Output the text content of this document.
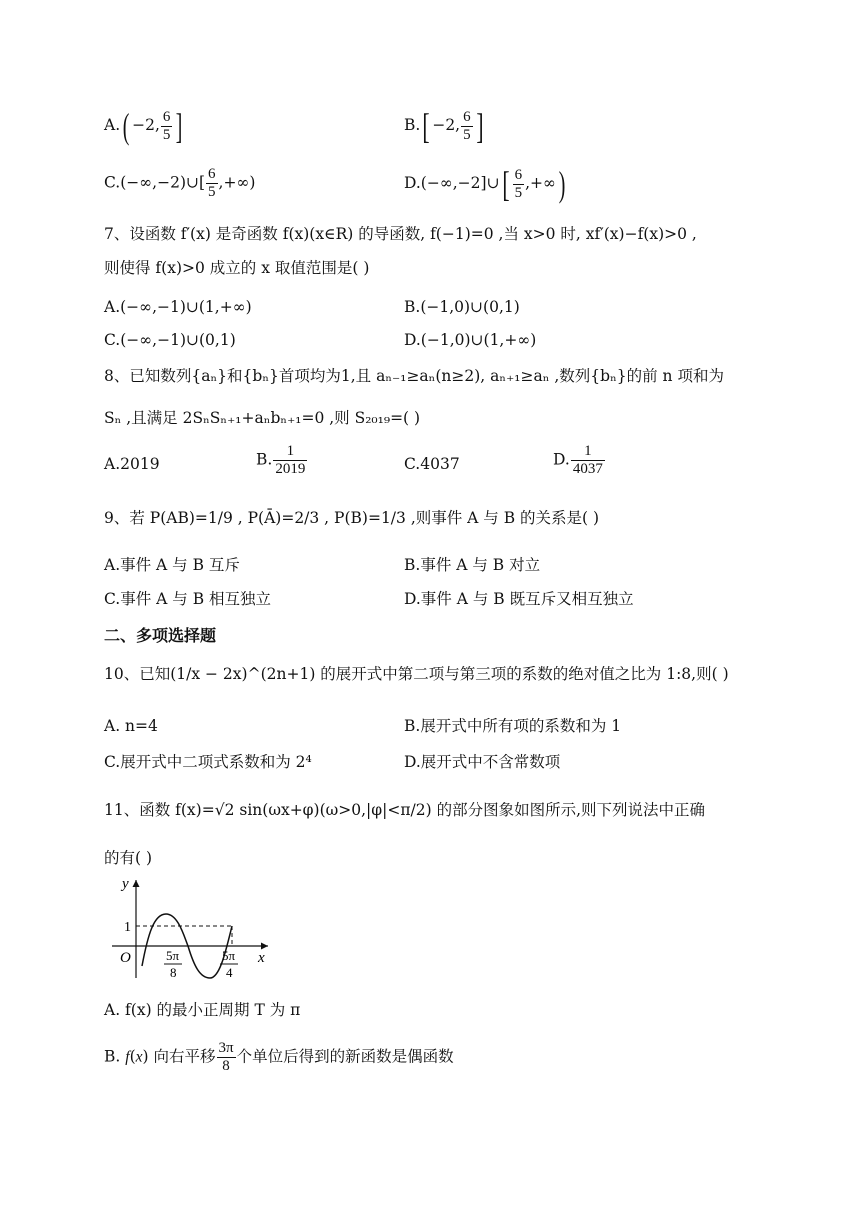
A.( −2, $\frac{6}{5}$ ]	B.[ −2, $\frac{6}{5}$ ]
C.(−∞,−2)∪[ $\frac{6}{5}$ ,+∞)	D.(−∞,−2]∪[ $\frac{6}{5}$ ,+∞)
7、设函数 f′(x) 是奇函数 f(x)(x∈R) 的导函数, f(−1)=0 ,当 x>0 时, xf′(x)−f(x)>0 ,
则使得 f(x)>0 成立的 x 取值范围是( )
A.(−∞,−1)∪(1,+∞)	B.(−1,0)∪(0,1)
C.(−∞,−1)∪(0,1)	D.(−1,0)∪(1,+∞)
8、已知数列{aₙ}和{bₙ}首项均为1,且 aₙ₋₁≥aₙ(n≥2), aₙ₊₁≥aₙ ,数列{bₙ}的前 n 项和为
Sₙ ,且满足 2SₙSₙ₊₁+aₙbₙ₊₁=0 ,则 S₂₀₁₉=( )
A.2019	B. $\frac{1}{2019}$	C.4037	D. $\frac{1}{4037}$
9、若 P(AB)=1/9 , P(Ā)=2/3 , P(B)=1/3 ,则事件 A 与 B 的关系是( )
A.事件 A 与 B 互斥	B.事件 A 与 B 对立
C.事件 A 与 B 相互独立	D.事件 A 与 B 既互斥又相互独立
二、多项选择题
10、已知(1/x − 2x)^(2n+1) 的展开式中第二项与第三项的系数的绝对值之比为 1:8,则( )
A. n=4	B.展开式中所有项的系数和为 1
C.展开式中二项式系数和为 2⁴	D.展开式中不含常数项
11、函数 f(x)=√2 sin(ωx+φ)(ω>0,|φ|<π/2) 的部分图象如图所示,则下列说法中正确
的有( )
y
x
O
1
5π
8
5π
4
A. f(x) 的最小正周期 T 为 π
B. f(x) 向右平移 $\frac{3\pi}{8}$ 个单位后得到的新函数是偶函数
